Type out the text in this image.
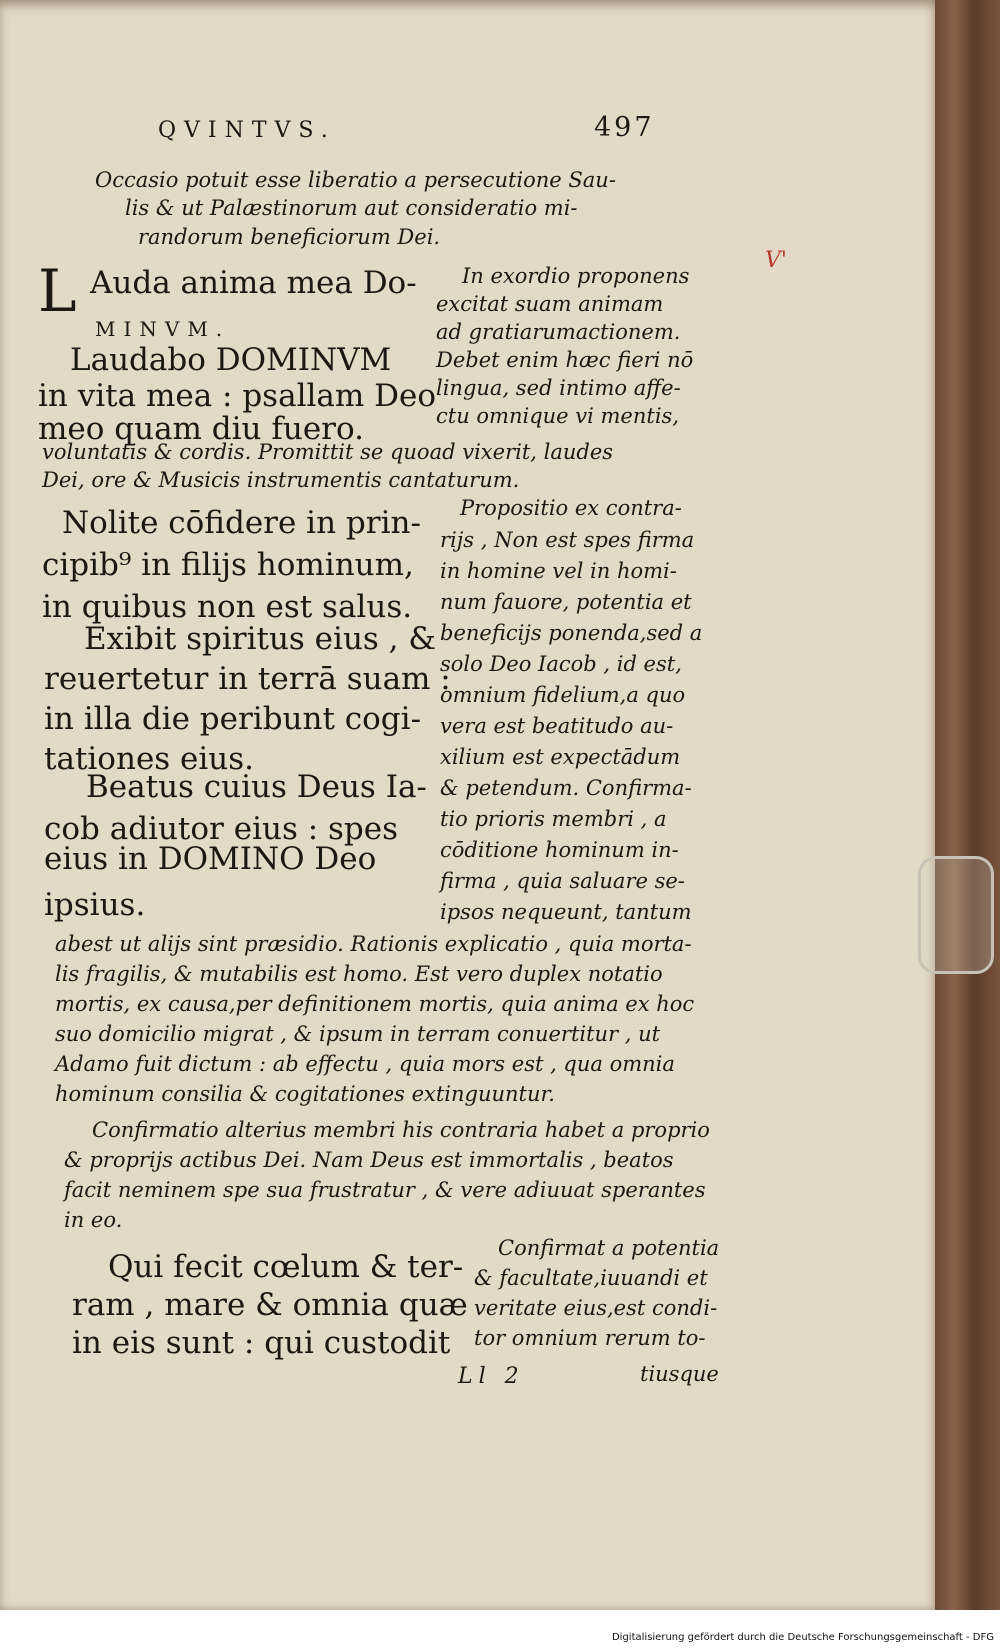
QVINTVS.	497
Occasio potuit esse liberatio a persecutione Sau-
lis & ut Palæstinorum aut consideratio mi-
randorum beneficiorum Dei.
V'
L Auda anima mea Do-
MINVM.
Laudabo DOMINVM
in vita mea : psallam Deo
meo quam diu fuero.
In exordio proponens
excitat suam animam
ad gratiarumactionem.
Debet enim hæc fieri nō
lingua, sed intimo affe-
ctu omnique vi mentis,
voluntatis & cordis. Promittit se quoad vixerit, laudes
Dei, ore & Musicis instrumentis cantaturum.
Nolite cōfidere in prin-
cipib⁹ in filijs hominum,
in quibus non est salus.
Exibit spiritus eius , &
reuertetur in terrā suam :
in illa die peribunt cogi-
tationes eius.
Beatus cuius Deus Ia-
cob adiutor eius : spes
eius in DOMINO Deo
ipsius.
Propositio ex contra-
rijs , Non est spes firma
in homine vel in homi-
num fauore, potentia et
beneficijs ponenda,sed a
solo Deo Iacob , id est,
omnium fidelium,a quo
vera est beatitudo au-
xilium est expectādum
& petendum. Confirma-
tio prioris membri , a
cōditione hominum in-
firma , quia saluare se-
ipsos nequeunt, tantum
abest ut alijs sint præsidio. Rationis explicatio , quia morta-
lis fragilis, & mutabilis est homo. Est vero duplex notatio
mortis, ex causa,per definitionem mortis, quia anima ex hoc
suo domicilio migrat , & ipsum in terram conuertitur , ut
Adamo fuit dictum : ab effectu , quia mors est , qua omnia
hominum consilia & cogitationes extinguuntur.
Confirmatio alterius membri his contraria habet a proprio
& proprijs actibus Dei. Nam Deus est immortalis , beatos
facit neminem spe sua frustratur , & vere adiuuat sperantes
in eo.
Qui fecit cœlum & ter-
ram , mare & omnia quæ
in eis sunt : qui custodit
Confirmat a potentia
& facultate,iuuandi et
veritate eius,est condi-
tor omnium rerum to-
tiusque
Ll 2
Digitalisierung gefördert durch die Deutsche Forschungsgemeinschaft - DFG
